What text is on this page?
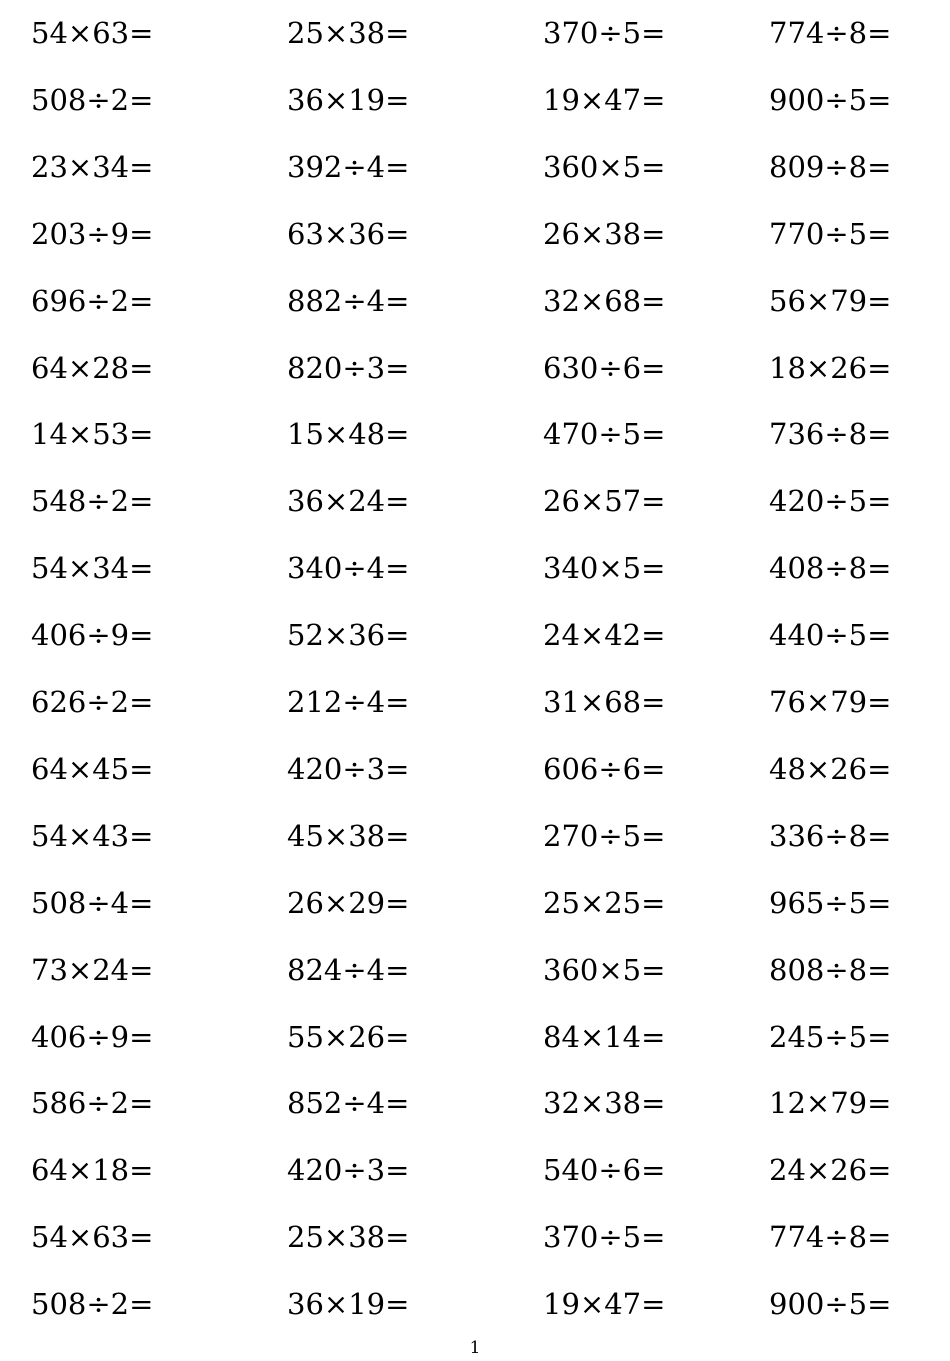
54×63=	25×38=	370÷5=	774÷8=
508÷2=	36×19=	19×47=	900÷5=
23×34=	392÷4=	360×5=	809÷8=
203÷9=	63×36=	26×38=	770÷5=
696÷2=	882÷4=	32×68=	56×79=
64×28=	820÷3=	630÷6=	18×26=
14×53=	15×48=	470÷5=	736÷8=
548÷2=	36×24=	26×57=	420÷5=
54×34=	340÷4=	340×5=	408÷8=
406÷9=	52×36=	24×42=	440÷5=
626÷2=	212÷4=	31×68=	76×79=
64×45=	420÷3=	606÷6=	48×26=
54×43=	45×38=	270÷5=	336÷8=
508÷4=	26×29=	25×25=	965÷5=
73×24=	824÷4=	360×5=	808÷8=
406÷9=	55×26=	84×14=	245÷5=
586÷2=	852÷4=	32×38=	12×79=
64×18=	420÷3=	540÷6=	24×26=
54×63=	25×38=	370÷5=	774÷8=
508÷2=	36×19=	19×47=	900÷5=
1
